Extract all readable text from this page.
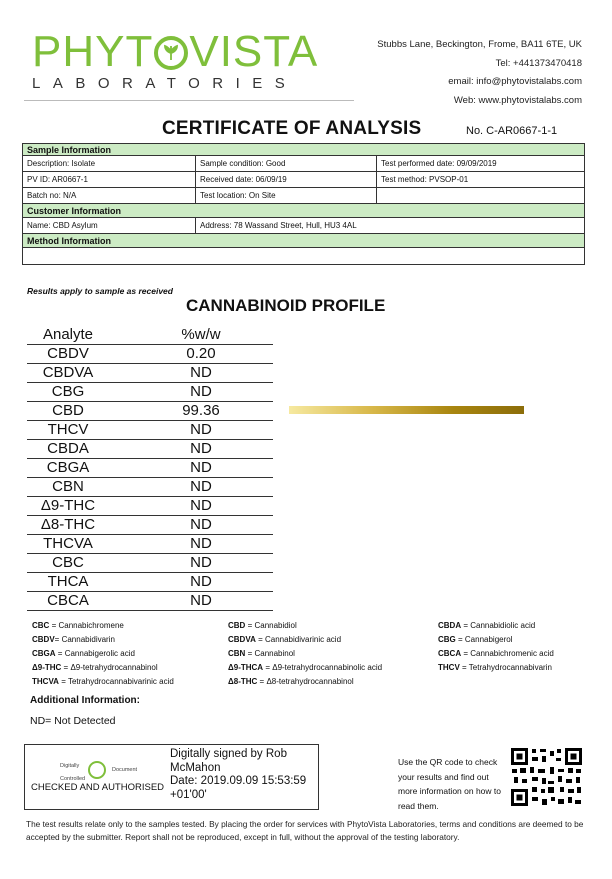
PHYT VISTA
LABORATORIES
Stubbs Lane, Beckington, Frome, BA11 6TE, UK
Tel: +441373470418
email: info@phytovistalabs.com
Web: www.phytovistalabs.com
CERTIFICATE OF ANALYSIS	No. C-AR0667-1-1
Sample Information		
Description: Isolate	Sample condition: Good	Test performed date: 09/09/2019
PV ID: AR0667-1	Received date: 06/09/19	Test method: PVSOP-01
Batch no: N/A	Test location: On Site	
Customer Information		
Name: CBD Asylum	Address: 78 Wassand Street, Hull, HU3 4AL	
Method Information		

Results apply to sample as received
CANNABINOID PROFILE
Analyte	%w/w
CBDV	0.20
CBDVA	ND
CBG	ND
CBD	99.36
THCV	ND
CBDA	ND
CBGA	ND
CBN	ND
Δ9-THC	ND
Δ8-THC	ND
THCVA	ND
CBC	ND
THCA	ND
CBCA	ND
CBC = Cannabichromene	CBD = Cannabidiol	CBDA = Cannabidiolic acid
CBDV= Cannabidivarin	CBDVA = Cannabidivarinic acid	CBG = Cannabigerol
CBGA = Cannabigerolic acid	CBN = Cannabinol	CBCA = Cannabichromenic acid
Δ9-THC = Δ9-tetrahydrocannabinol	Δ9-THCA = Δ9-tetrahydrocannabinolic acid	THCV = Tetrahydrocannabivarin
THCVA = Tetrahydrocannabivarinic acid	Δ8-THC = Δ8-tetrahydrocannabinol
Additional Information:
ND= Not Detected
Digitally
Document
Controlled
CHECKED AND AUTHORISED
Digitally signed by Rob McMahon
Date: 2019.09.09 15:53:59 +01'00'
Use the QR code to check your results and find out more information on how to read them.
The test results relate only to the samples tested. By placing the order for services with PhytoVista Laboratories, terms and conditions are deemed to be accepted by the submitter. Report shall not be reproduced, except in full, without the approval of the testing laboratory.
